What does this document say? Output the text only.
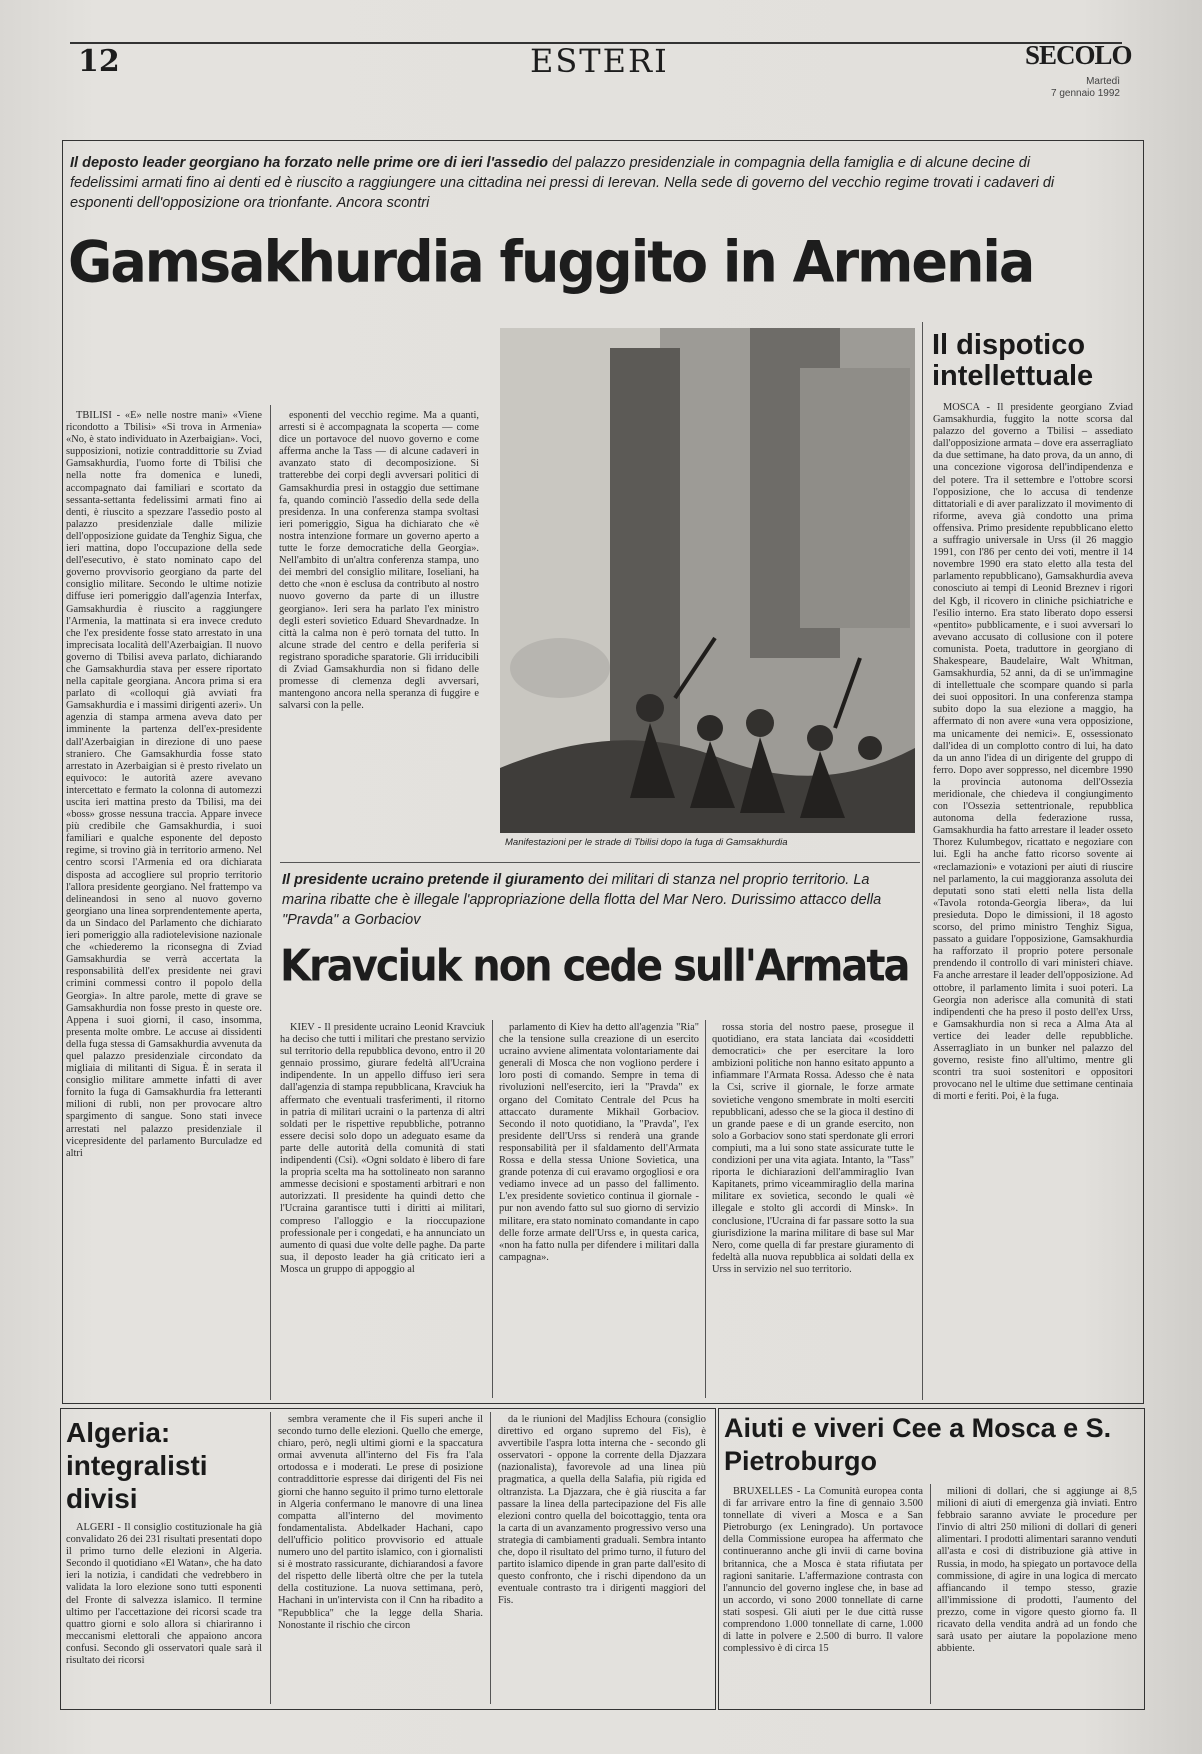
12	ESTERI	SECOLO
Martedì
7 gennaio 1992
Il deposto leader georgiano ha forzato nelle prime ore di ieri l'assedio del palazzo presidenziale in compagnia della famiglia e di alcune decine di fedelissimi armati fino ai denti ed è riuscito a raggiungere una cittadina nei pressi di Ierevan. Nella sede di governo del vecchio regime trovati i cadaveri di esponenti dell'opposizione ora trionfante. Ancora scontri
Gamsakhurdia fuggito in Armenia

TBILISI - «È» nelle nostre mani» «Viene ricondotto a Tbilisi» «Si trova in Armenia» «No, è stato individuato in Azerbaigian». Voci, supposizioni, notizie contraddittorie su Zviad Gamsakhurdia, l'uomo forte di Tbilisi che nella notte fra domenica e lunedì, accompagnato dai familiari e scortato da sessanta-settanta fedelissimi armati fino ai denti, è riuscito a spezzare l'assedio posto al palazzo presidenziale dalle milizie dell'opposizione guidate da Tenghiz Sigua, che ieri mattina, dopo l'occupazione della sede dell'esecutivo, è stato nominato capo del governo provvisorio georgiano da parte del consiglio militare. Secondo le ultime notizie diffuse ieri pomeriggio dall'agenzia Interfax, Gamsakhurdia è riuscito a raggiungere l'Armenia, la mattinata si era invece creduto che l'ex presidente fosse stato arrestato in una imprecisata località dell'Azerbaigian. Il nuovo governo di Tbilisi aveva parlato, dichiarando che Gamsakhurdia stava per essere riportato nella capitale georgiana. Ancora prima si era parlato di «colloqui già avviati fra Gamsakhurdia e i massimi dirigenti azeri». Un agenzia di stampa armena aveva dato per imminente la partenza dell'ex-presidente dall'Azerbaigian in direzione di uno paese straniero. Che Gamsakhurdia fosse stato arrestato in Azerbaigian si è presto rivelato un equivoco: le autorità azere avevano intercettato e fermato la colonna di automezzi uscita ieri mattina presto da Tbilisi, ma dei «boss» grosse nessuna traccia. Appare invece più credibile che Gamsakhurdia, i suoi familiari e qualche esponente del deposto regime, si trovino già in territorio armeno. Nel centro scorsi l'Armenia ed ora dichiarata disposta ad accogliere sul proprio territorio l'allora presidente georgiano. Nel frattempo va delineandosi in seno al nuovo governo georgiano una linea sorprendentemente aperta, da un Sindaco del Parlamento che dichiarato ieri pomeriggio alla radiotelevisione nazionale che «chiederemo la riconsegna di Zviad Gamsakhurdia se verrà accertata la responsabilità dell'ex presidente nei gravi crimini commessi contro il popolo della Georgia». In altre parole, mette di grave se Gamsakhurdia non fosse presto in queste ore. Appena i suoi giorni, il caso, insomma, presenta molte ombre. Le accuse ai dissidenti della fuga stessa di Gamsakhurdia avvenuta da quel palazzo presidenziale circondato da migliaia di militanti di Sigua. È in serata il consiglio militare ammette infatti di aver fornito la fuga di Gamsakhurdia fra letteranti milioni di rubli, non per provocare altro spargimento di sangue. Sono stati invece arrestati nel palazzo presidenziale il vicepresidente del parlamento Burculadze ed altri

esponenti del vecchio regime. Ma a quanti, arresti si è accompagnata la scoperta — come dice un portavoce del nuovo governo e come afferma anche la Tass — di alcune cadaveri in avanzato stato di decomposizione. Si tratterebbe dei corpi degli avversari politici di Gamsakhurdia presi in ostaggio due settimane fa, quando cominciò l'assedio della sede della presidenza. In una conferenza stampa svoltasi ieri pomeriggio, Sigua ha dichiarato che «è nostra intenzione formare un governo aperto a tutte le forze democratiche della Georgia». Nell'ambito di un'altra conferenza stampa, uno dei membri del consiglio militare, Ioseliani, ha detto che «non è esclusa da contributo al nostro nuovo governo da parte di un illustre georgiano». Ieri sera ha parlato l'ex ministro degli esteri sovietico Eduard Shevardnadze. In città la calma non è però tornata del tutto. In alcune strade del centro e della periferia si registrano sporadiche sparatorie. Gli irriducibili di Zviad Gamsakhurdia non si fidano delle promesse di clemenza degli avversari, mantengono ancora nella speranza di fuggire e salvarsi con la pelle.

Manifestazioni per le strade di Tbilisi dopo la fuga di Gamsakhurdia
Il dispotico intellettuale

MOSCA - Il presidente georgiano Zviad Gamsakhurdia, fuggito la notte scorsa dal palazzo del governo a Tbilisi – assediato dall'opposizione armata – dove era asserragliato da due settimane, ha dato prova, da un anno, di una concezione vigorosa dell'indipendenza e del potere. Tra il settembre e l'ottobre scorsi l'opposizione, che lo accusa di tendenze dittatoriali e di aver paralizzato il movimento di riforme, aveva già condotto una prima offensiva. Primo presidente repubblicano eletto a suffragio universale in Urss (il 26 maggio 1991, con l'86 per cento dei voti, mentre il 14 novembre 1990 era stato eletto alla testa del parlamento repubblicano), Gamsakhurdia aveva conosciuto ai tempi di Leonid Breznev i rigori del Kgb, il ricovero in cliniche psichiatriche e l'esilio interno. Era stato liberato dopo essersi «pentito» pubblicamente, e i suoi avversari lo avevano accusato di collusione con il potere comunista. Poeta, traduttore in georgiano di Shakespeare, Baudelaire, Walt Whitman, Gamsakhurdia, 52 anni, da di se un'immagine di intellettuale che scompare quando si parla dei suoi oppositori. In una conferenza stampa subito dopo la sua elezione a maggio, ha affermato di non avere «una vera opposizione, ma unicamente dei nemici». E, ossessionato dall'idea di un complotto contro di lui, ha dato da un anno l'idea di un dirigente del gruppo di ferro. Dopo aver soppresso, nel dicembre 1990 la provincia autonoma dell'Ossezia meridionale, che chiedeva il congiungimento con l'Ossezia settentrionale, repubblica autonoma della federazione russa, Gamsakhurdia ha fatto arrestare il leader osseto Thorez Kulumbegov, ricattato e negoziare con lui. Egli ha anche fatto ricorso sovente ai «reclamazioni» e votazioni per aiuti di riuscire nel parlamento, la cui maggioranza assoluta dei deputati sono stati eletti nella lista della «Tavola rotonda-Georgia libera», da lui presieduta. Dopo le dimissioni, il 18 agosto scorso, del primo ministro Tenghiz Sigua, passato a guidare l'opposizione, Gamsakhurdia ha rafforzato il proprio potere personale prendendo il controllo di vari ministeri chiave. Fa anche arrestare il leader dell'opposizione. Ad ottobre, il parlamento limita i suoi poteri. La Georgia non aderisce alla comunità di stati indipendenti che ha preso il posto dell'ex Urss, e Gamsakhurdia non si reca a Alma Ata al vertice dei leader delle repubbliche. Asserragliato in un bunker nel palazzo del governo, resiste fino all'ultimo, mentre gli scontri tra suoi sostenitori e oppositori provocano nel le ultime due settimane centinaia di morti e feriti. Poi, è la fuga.

Il presidente ucraino pretende il giuramento dei militari di stanza nel proprio territorio. La marina ribatte che è illegale l'appropriazione della flotta del Mar Nero. Durissimo attacco della "Pravda" a Gorbaciov
Kravciuk non cede sull'Armata

KIEV - Il presidente ucraino Leonid Kravciuk ha deciso che tutti i militari che prestano servizio sul territorio della repubblica devono, entro il 20 gennaio prossimo, giurare fedeltà all'Ucraina indipendente. In un appello diffuso ieri sera dall'agenzia di stampa repubblicana, Kravciuk ha affermato che eventuali trasferimenti, il ritorno in patria di militari ucraini o la partenza di altri soldati per le rispettive repubbliche, potranno essere decisi solo dopo un adeguato esame da parte delle autorità della comunità di stati indipendenti (Csi). «Ogni soldato è libero di fare la propria scelta ma ha sottolineato non saranno ammesse decisioni e spostamenti arbitrari e non autorizzati. Il presidente ha quindi detto che l'Ucraina garantisce tutti i diritti ai militari, compreso l'alloggio e la rioccupazione professionale per i congedati, e ha annunciato un aumento di quasi due volte delle paghe. Da parte sua, il deposto leader ha già criticato ieri a Mosca un gruppo di appoggio al

parlamento di Kiev ha detto all'agenzia "Ria" che la tensione sulla creazione di un esercito ucraino avviene alimentata volontariamente dai generali di Mosca che non vogliono perdere i loro posti di comando. Sempre in tema di rivoluzioni nell'esercito, ieri la "Pravda" ex organo del Comitato Centrale del Pcus ha attaccato duramente Mikhail Gorbaciov. Secondo il noto quotidiano, la "Pravda", l'ex presidente dell'Urss si renderà una grande responsabilità per il sfaldamento dell'Armata Rossa e della stessa Unione Sovietica, una grande potenza di cui eravamo orgogliosi e ora vediamo invece ad un passo del fallimento. L'ex presidente sovietico continua il giornale - pur non avendo fatto sul suo giorno di servizio militare, era stato nominato comandante in capo delle forze armate dell'Urss e, in questa carica, «non ha fatto nulla per difendere i militari dalla campagna».

rossa storia del nostro paese, prosegue il quotidiano, era stata lanciata dai «cosiddetti democratici» che per esercitare la loro ambizioni politiche non hanno esitato appunto a infiammare l'Armata Rossa. Adesso che è nata la Csi, scrive il giornale, le forze armate sovietiche vengono smembrate in molti eserciti repubblicani, adesso che se la gioca il destino di un grande paese e di un grande esercito, non solo a Gorbaciov sono stati sperdonate gli errori compiuti, ma a lui sono state assicurate tutte le condizioni per una vita agiata. Intanto, la "Tass" riporta le dichiarazioni dell'ammiraglio Ivan Kapitanets, primo viceammiraglio della marina militare ex sovietica, secondo le quali «è illegale e stolto gli accordi di Minsk». In conclusione, l'Ucraina di far passare sotto la sua giurisdizione la marina militare di base sul Mar Nero, come quella di far prestare giuramento di fedeltà alla nuova repubblica ai soldati della ex Urss in servizio nel suo territorio.

Algeria: integralisti divisi

ALGERI - Il consiglio costituzionale ha già convalidato 26 dei 231 risultati presentati dopo il primo turno delle elezioni in Algeria. Secondo il quotidiano «El Watan», che ha dato ieri la notizia, i candidati che vedrebbero in validata la loro elezione sono tutti esponenti del Fronte di salvezza islamico. Il termine ultimo per l'accettazione dei ricorsi scade tra quattro giorni e solo allora si chiariranno i meccanismi elettorali che appaiono ancora confusi. Secondo gli osservatori quale sarà il risultato dei ricorsi

sembra veramente che il Fis superi anche il secondo turno delle elezioni. Quello che emerge, chiaro, però, negli ultimi giorni e la spaccatura ormai avvenuta all'interno del Fis fra l'ala ortodossa e i moderati. Le prese di posizione contraddittorie espresse dai dirigenti del Fis nei giorni che hanno seguito il primo turno elettorale in Algeria confermano le manovre di una linea compatta all'interno del movimento fondamentalista. Abdelkader Hachani, capo dell'ufficio politico provvisorio ed attuale numero uno del partito islamico, con i giornalisti si è mostrato rassicurante, dichiarandosi a favore del rispetto delle libertà oltre che per la tutela della costituzione. La nuova settimana, però, Hachani in un'intervista con il Cnn ha ribadito a "Repubblica" che la legge della Sharia. Nonostante il rischio che circon

da le riunioni del Madjliss Echoura (consiglio direttivo ed organo supremo del Fis), è avvertibile l'aspra lotta interna che - secondo gli osservatori - oppone la corrente della Djazzara (nazionalista), favorevole ad una linea più pragmatica, a quella della Salafia, più rigida ed oltranzista. La Djazzara, che è già riuscita a far passare la linea della partecipazione del Fis alle elezioni contro quella del boicottaggio, tenta ora la carta di un avanzamento progressivo verso una strategia di cambiamenti graduali. Sembra intanto che, dopo il risultato del primo turno, il futuro del partito islamico dipende in gran parte dall'esito di questo confronto, che i rischi dipendono da un eventuale contrasto tra i dirigenti maggiori del Fis.

Aiuti e viveri Cee a Mosca e S. Pietroburgo

BRUXELLES - La Comunità europea conta di far arrivare entro la fine di gennaio 3.500 tonnellate di viveri a Mosca e a San Pietroburgo (ex Leningrado). Un portavoce della Commissione europea ha affermato che continueranno anche gli invii di carne bovina britannica, che a Mosca è stata rifiutata per ragioni sanitarie. L'affermazione contrasta con l'annuncio del governo inglese che, in base ad un accordo, vi sono 2000 tonnellate di carne stati sospesi. Gli aiuti per le due città russe comprendono 1.000 tonnellate di carne, 1.000 di latte in polvere e 2.500 di burro. Il valore complessivo è di circa 15

milioni di dollari, che si aggiunge ai 8,5 milioni di aiuti di emergenza già inviati. Entro febbraio saranno avviate le procedure per l'invio di altri 250 milioni di dollari di generi alimentari. I prodotti alimentari saranno venduti all'asta e così di distribuzione già attive in Russia, in modo, ha spiegato un portavoce della commissione, di agire in una logica di mercato affiancando il tempo stesso, grazie all'immissione di prodotti, l'aumento del prezzo, come in vigore questo giorno fa. Il ricavato della vendita andrà ad un fondo che sarà usato per aiutare la popolazione meno abbiente.
